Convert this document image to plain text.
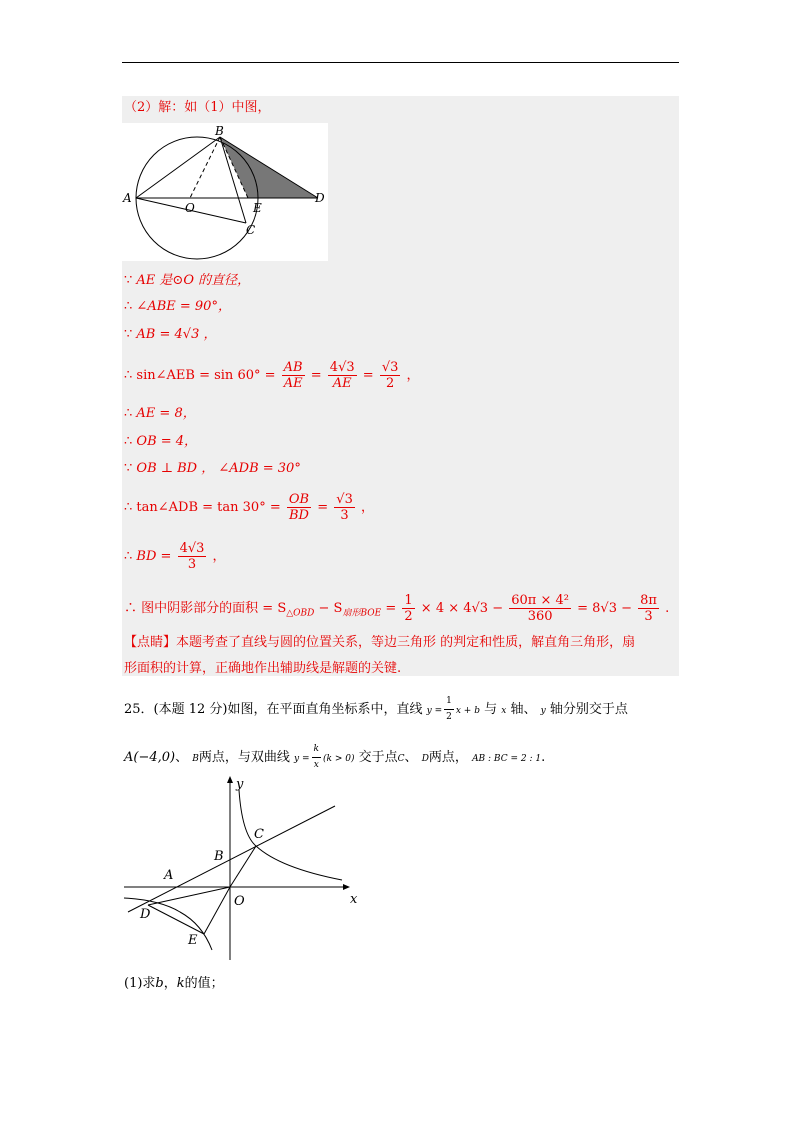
（2）解：如（1）中图，
A
B
O	E
C
D
∵ AE 是⊙O 的直径，
∴ ∠ABE = 90°，
∵ AB = 4√3 ，
∴ sin∠AEB = $\sin 60^\circ = \frac{AB}{AE} = \frac{4√3}{AE} = \frac{√3}{2}$ ，
∴ AE = 8，
∴ OB = 4，
∵ OB ⊥ BD ， ∠ADB = 30°
∴ tan∠ADB = $\tan 30^\circ = \frac{OB}{BD} = \frac{√3}{3}$ ，
∴ BD = $\frac{4√3}{3}$ ，
∴ 图中阴影部分的面积 = $S_{\triangle OBD} - S_{扇形BOE} = \frac{1}{2} \times 4 \times 4√3 - \frac{\text{60π × 4²}}{360} = 8√3 - \frac{8\pi}{3}$ .
【点睛】本题考查了直线与圆的位置关系，等边三角形 的判定和性质，解直角三角形，扇
形面积的计算，正确地作出辅助线是解题的关键.
25．(本题 12 分)如图，在平面直角坐标系中，直线 $y = \frac{1}{2}$ x + b 与 x 轴、 y 轴分别交于点
A(−4,0)、 B两点，与双曲线 $y = \frac{k}{x} (k > 0)$ 交于点C、 D两点， AB : BC = 2 : 1.
y
x
O
A
B
C
D
E
(1)求b，k的值；
